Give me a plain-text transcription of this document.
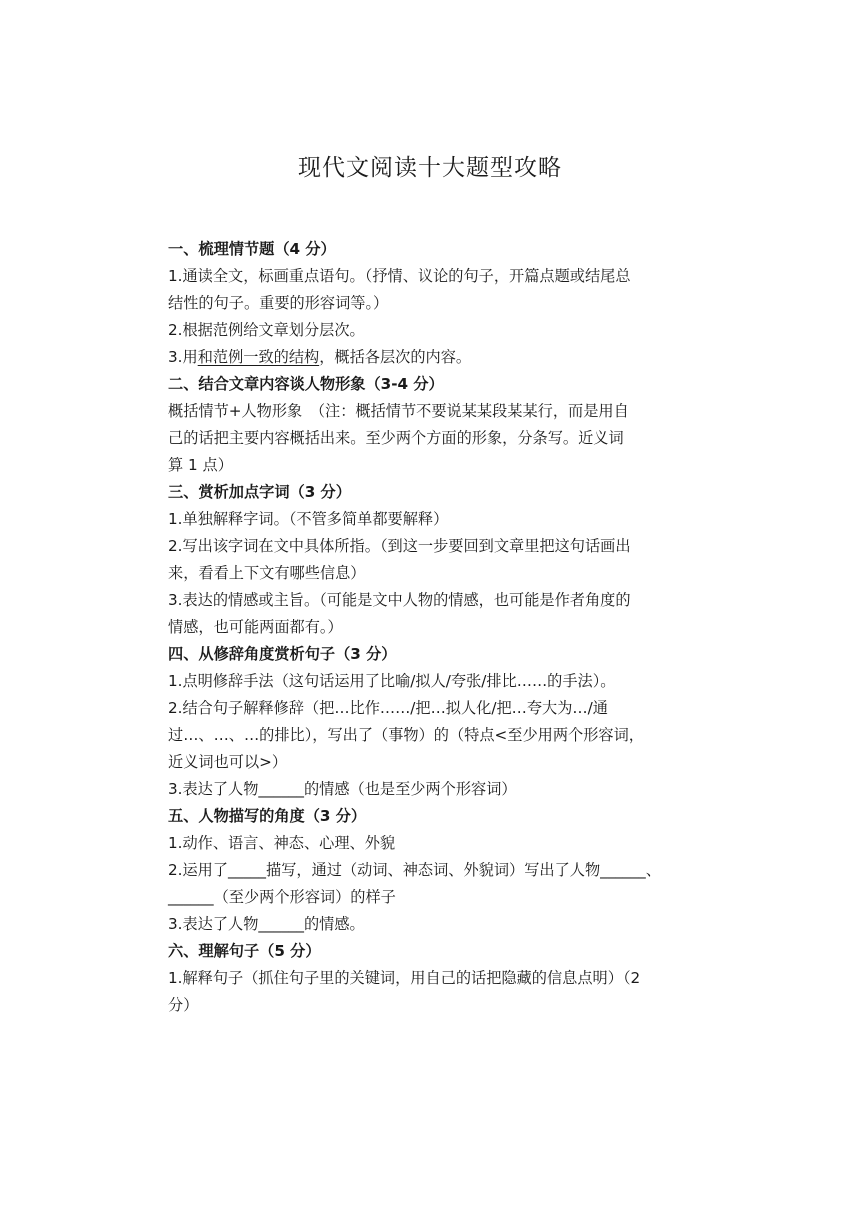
现代文阅读十大题型攻略
一、梳理情节题（4 分）
1.通读全文，标画重点语句。（抒情、议论的句子，开篇点题或结尾总
结性的句子。重要的形容词等。）
2.根据范例给文章划分层次。
3.用和范例一致的结构，概括各层次的内容。
二、结合文章内容谈人物形象（3-4 分）
概括情节+人物形象　（注：概括情节不要说某某段某某行，而是用自
己的话把主要内容概括出来。至少两个方面的形象，分条写。近义词
算 1 点）
三、赏析加点字词（3 分）
1.单独解释字词。（不管多简单都要解释）
2.写出该字词在文中具体所指。（到这一步要回到文章里把这句话画出
来，看看上下文有哪些信息）
3.表达的情感或主旨。（可能是文中人物的情感，也可能是作者角度的
情感，也可能两面都有。）
四、从修辞角度赏析句子（3 分）
1.点明修辞手法（这句话运用了比喻/拟人/夸张/排比……的手法）。
2.结合句子解释修辞（把…比作……/把…拟人化/把…夸大为…/通
过…、…、…的排比），写出了（事物）的（特点<至少用两个形容词，
近义词也可以>）
3.表达了人物______的情感（也是至少两个形容词）
五、人物描写的角度（3 分）
1.动作、语言、神态、心理、外貌
2.运用了_____描写，通过（动词、神态词、外貌词）写出了人物______、
______（至少两个形容词）的样子
3.表达了人物______的情感。
六、理解句子（5 分）
1.解释句子（抓住句子里的关键词，用自己的话把隐藏的信息点明）（2
分）
